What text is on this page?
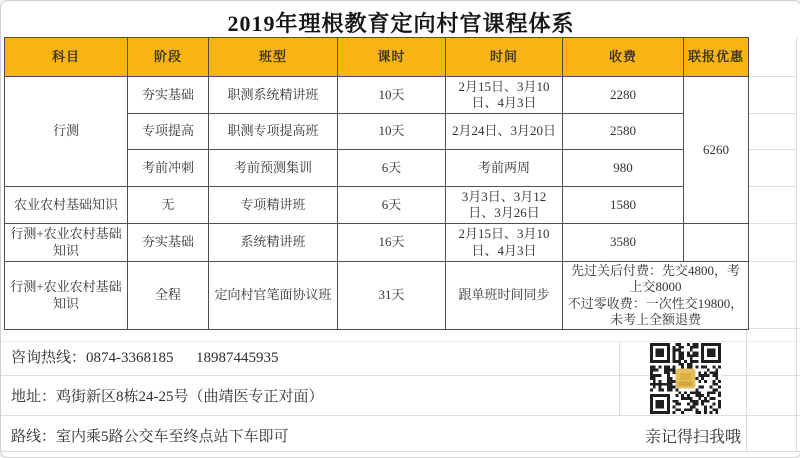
2019年理根教育定向村官课程体系
科目	阶段	班型	课时	时间	收费	联报优惠
行测	夯实基础	职测系统精讲班	10天	2月15日、3月10日、4月3日	2280	6260
	专项提高	职测专项提高班	10天	2月24日、3月20日	2580	
	考前冲刺	考前预测集训	6天	考前两周	980	
农业农村基础知识	无	专项精讲班	6天	3月3日、3月12日、3月26日	1580	
行测+农业农村基础知识	夯实基础	系统精讲班	16天	2月15日、3月10日、4月3日	3580	
行测+农业农村基础知识	全程	定向村官笔面协议班	31天	跟单班时间同步	先过关后付费：先交4800，考上交8000
不过零收费：一次性交19800，未考上全额退费	
咨询热线：0874-3368185      18987445935
地址：鸡街新区8栋24-25号（曲靖医专正对面）
路线：室内乘5路公交车至终点站下车即可	亲记得扫我哦
